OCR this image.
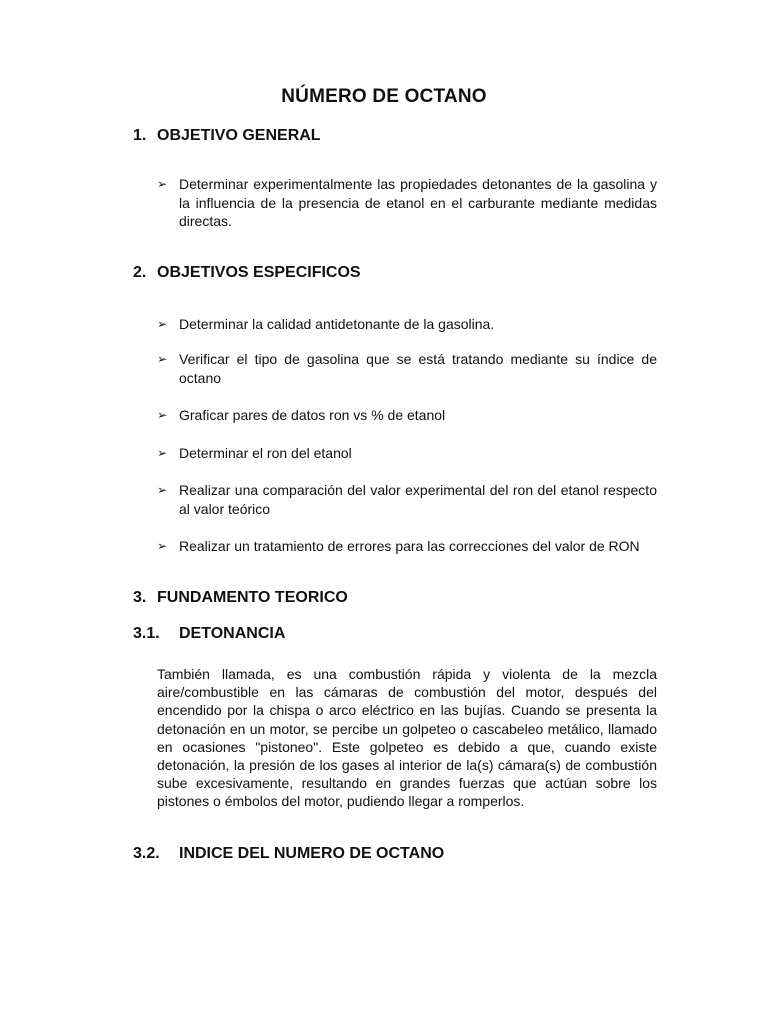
NÚMERO DE OCTANO
1. OBJETIVO GENERAL
➢ Determinar experimentalmente las propiedades detonantes de la gasolina y la influencia de la presencia de etanol en el carburante mediante medidas directas.
2. OBJETIVOS ESPECIFICOS
➢ Determinar la calidad antidetonante de la gasolina.
➢ Verificar el tipo de gasolina que se está tratando mediante su índice de octano
➢ Graficar pares de datos ron vs % de etanol
➢ Determinar el ron del etanol
➢ Realizar una comparación del valor experimental del ron del etanol respecto al valor teórico
➢ Realizar un tratamiento de errores para las correcciones del valor de RON
3. FUNDAMENTO TEORICO
3.1. DETONANCIA
También llamada, es una combustión rápida y violenta de la mezcla aire/combustible en las cámaras de combustión del motor, después del encendido por la chispa o arco eléctrico en las bujías. Cuando se presenta la detonación en un motor, se percibe un golpeteo o cascabeleo metálico, llamado en ocasiones "pistoneo". Este golpeteo es debido a que, cuando existe detonación, la presión de los gases al interior de la(s) cámara(s) de combustión sube excesivamente, resultando en grandes fuerzas que actúan sobre los pistones o émbolos del motor, pudiendo llegar a romperlos.
3.2. INDICE DEL NUMERO DE OCTANO
